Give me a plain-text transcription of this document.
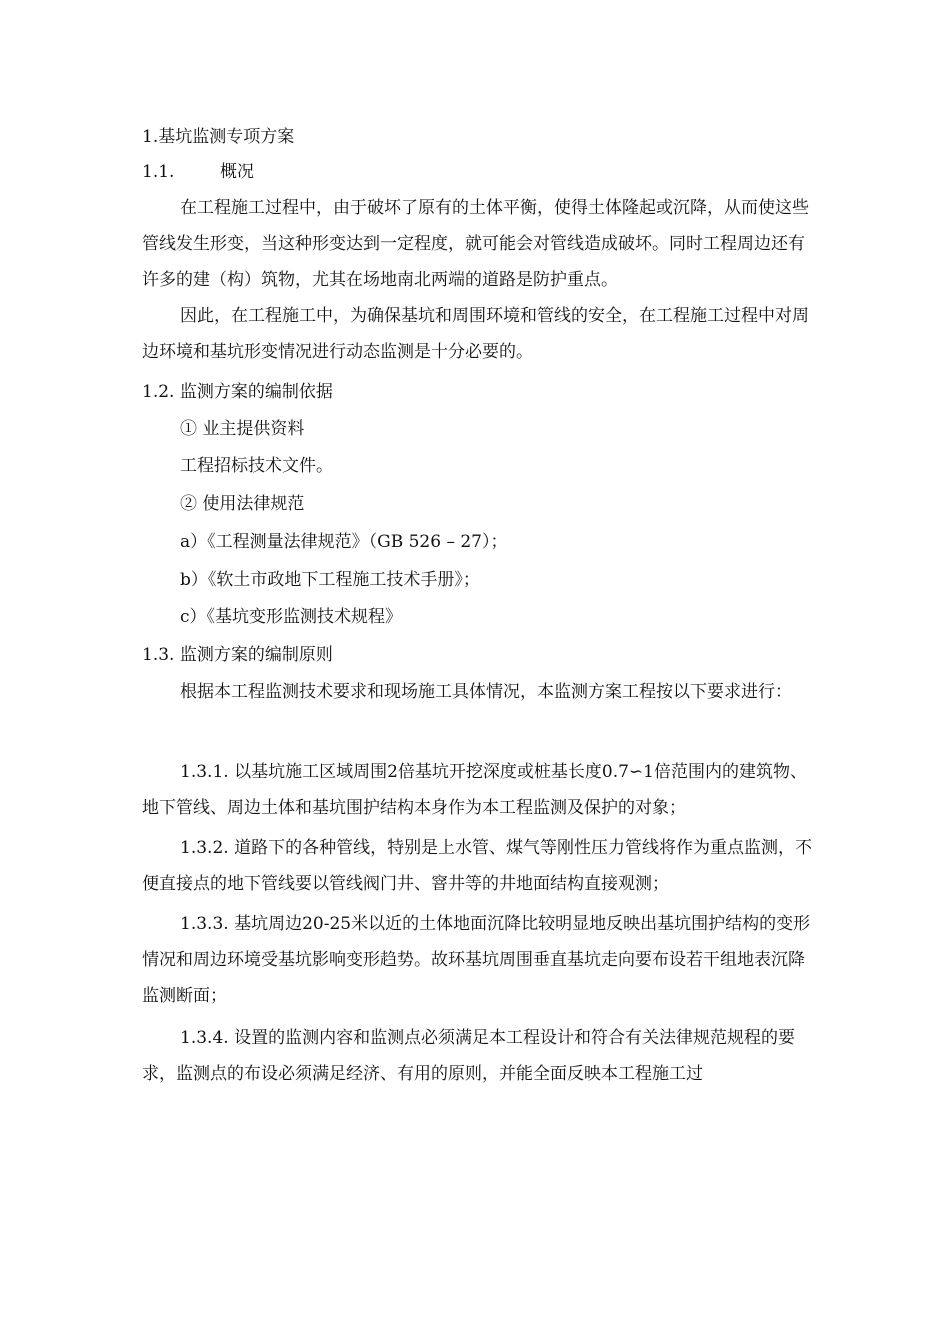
1.基坑监测专项方案
1.1.	概况
在工程施工过程中，由于破坏了原有的土体平衡，使得土体隆起或沉降，从而使这些管线发生形变，当这种形变达到一定程度，就可能会对管线造成破坏。同时工程周边还有许多的建（构）筑物，尤其在场地南北两端的道路是防护重点。
因此，在工程施工中，为确保基坑和周围环境和管线的安全，在工程施工过程中对周边环境和基坑形变情况进行动态监测是十分必要的。
1.2. 监测方案的编制依据
① 业主提供资料
工程招标技术文件。
② 使用法律规范
a）《工程测量法律规范》（GB 526 – 27）；
b）《软土市政地下工程施工技术手册》；
c）《基坑变形监测技术规程》
1.3. 监测方案的编制原则
根据本工程监测技术要求和现场施工具体情况，本监测方案工程按以下要求进行：
1.3.1. 以基坑施工区域周围2倍基坑开挖深度或桩基长度0.7∽1倍范围内的建筑物、地下管线、周边土体和基坑围护结构本身作为本工程监测及保护的对象；
1.3.2. 道路下的各种管线，特别是上水管、煤气等刚性压力管线将作为重点监测，不便直接点的地下管线要以管线阀门井、窨井等的井地面结构直接观测；
1.3.3. 基坑周边20-25米以近的土体地面沉降比较明显地反映出基坑围护结构的变形情况和周边环境受基坑影响变形趋势。故环基坑周围垂直基坑走向要布设若干组地表沉降监测断面；
1.3.4. 设置的监测内容和监测点必须满足本工程设计和符合有关法律规范规程的要求，监测点的布设必须满足经济、有用的原则，并能全面反映本工程施工过
